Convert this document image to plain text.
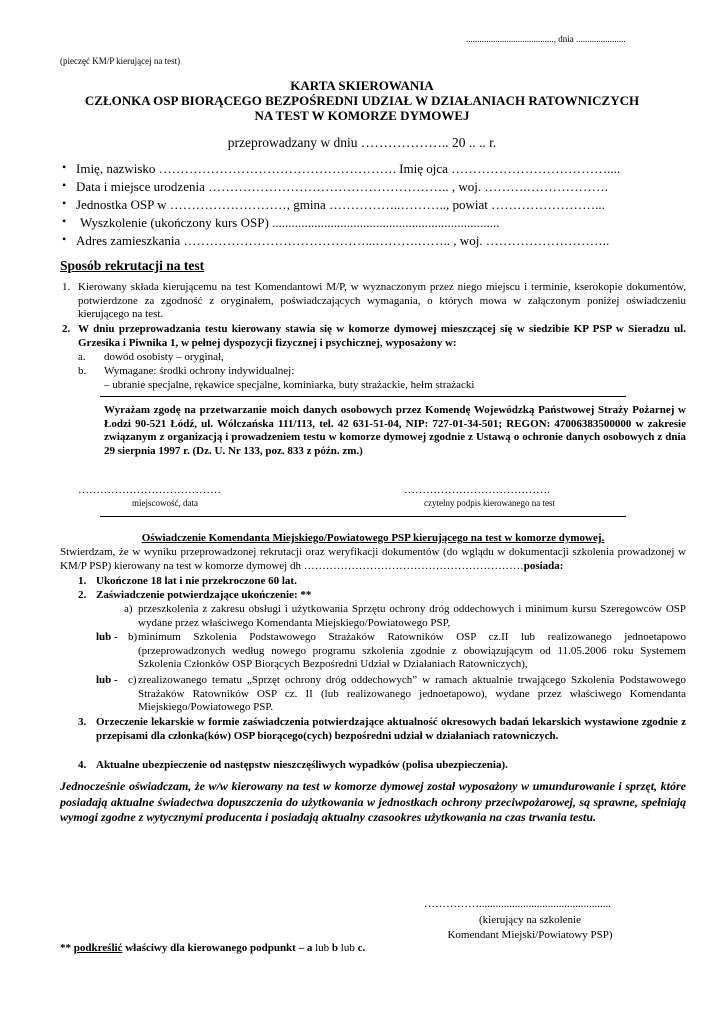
......................................., dnia ......................
(pieczęć KM/P kierującej na test)
KARTA SKIEROWANIA
CZŁONKA OSP BIORĄCEGO BEZPOŚREDNI UDZIAŁ W DZIAŁANIACH RATOWNICZYCH
NA TEST W KOMORZE DYMOWEJ
przeprowadzany w dniu ……………….. 20 .. .. r.
• Imię, nazwisko ………………………………………………. Imię ojca ………………………………....
• Data i miejsce urodzenia ……………………………………………….. , woj. ……….……………….
• Jednostka OSP w ………………………, gmina ……………..……….., powiat ……………………...
• Wyszkolenie (ukończony kurs OSP) ......................................................................
• Adres zamieszkania ……………………………………...……….…….. , woj. ………………………..
Sposób rekrutacji na test
1. Kierowany składa kierującemu na test Komendantowi M/P, w wyznaczonym przez niego miejscu i terminie, kserokopie dokumentów, potwierdzone za zgodność z oryginałem, poświadczających wymagania, o których mowa w załączonym poniżej oświadczeniu kierującego na test.
2. W dniu przeprowadzania testu kierowany stawia się w komorze dymowej mieszczącej się w siedzibie KP PSP w Sieradzu ul. Grzesika i Piwnika 1, w pełnej dyspozycji fizycznej i psychicznej, wyposażony w:
a. dowód osobisty – oryginał,
b. Wymagane: środki ochrony indywidualnej:
– ubranie specjalne, rękawice specjalne, kominiarka, buty strażackie, hełm strażacki
Wyrażam zgodę na przetwarzanie moich danych osobowych przez Komendę Wojewódzką Państwowej Straży Pożarnej w Łodzi 90-521 Łódź, ul. Wólczańska 111/113, tel. 42 631-51-04, NIP: 727-01-34-501; REGON: 47006383500000 w zakresie związanym z organizacją i prowadzeniem testu w komorze dymowej zgodnie z Ustawą o ochronie danych osobowych z dnia 29 sierpnia 1997 r. (Dz. U. Nr 133, poz. 833 z późn. zm.)
…………………………………
miejscowość, data
………………………………….
czytelny podpis kierowanego na test
Oświadczenie Komendanta Miejskiego/Powiatowego PSP kierującego na test w komorze dymowej.
Stwierdzam, że w wyniku przeprowadzonej rekrutacji oraz weryfikacji dokumentów (do wglądu w dokumentacji szkolenia prowadzonej w KM/P PSP) kierowany na test w komorze dymowej dh ……………………………………………………posiada:
1. Ukończone 18 lat i nie przekroczone 60 lat.
2. Zaświadczenie potwierdzające ukończenie: **
a) przeszkolenia z zakresu obsługi i użytkowania Sprzętu ochrony dróg oddechowych i minimum kursu Szeregowców OSP wydane przez właściwego Komendanta Miejskiego/Powiatowego PSP,
lub - b) minimum Szkolenia Podstawowego Strażaków Ratowników OSP cz.II lub realizowanego jednoetapowo (przeprowadzonych według nowego programu szkolenia zgodnie z obowiązującym od 11.05.2006 roku Systemem Szkolenia Członków OSP Biorących Bezpośredni Udział w Działaniach Ratowniczych),
lub - c) zrealizowanego tematu „Sprzęt ochrony dróg oddechowych” w ramach aktualnie trwającego Szkolenia Podstawowego Strażaków Ratowników OSP cz. II (lub realizowanego jednoetapowo), wydane przez właściwego Komendanta Miejskiego/Powiatowego PSP.
3. Orzeczenie lekarskie w formie zaświadczenia potwierdzające aktualność okresowych badań lekarskich wystawione zgodnie z przepisami dla członka(ków) OSP biorącego(cych) bezpośredni udział w działaniach ratowniczych.
4. Aktualne ubezpieczenie od następstw nieszczęśliwych wypadków (polisa ubezpieczenia).
Jednocześnie oświadczam, że w/w kierowany na test w komorze dymowej został wyposażony w umundurowanie i sprzęt, które posiadają aktualne świadectwa dopuszczenia do użytkowania w jednostkach ochrony przeciwpożarowej, są sprawne, spełniają wymogi zgodne z wytycznymi producenta i posiadają aktualny czasookres użytkowania na czas trwania testu.
……………................................................
(kierujący na szkolenie
Komendant Miejski/Powiatowy PSP)
** podkreślić właściwy dla kierowanego podpunkt – a lub b lub c.
